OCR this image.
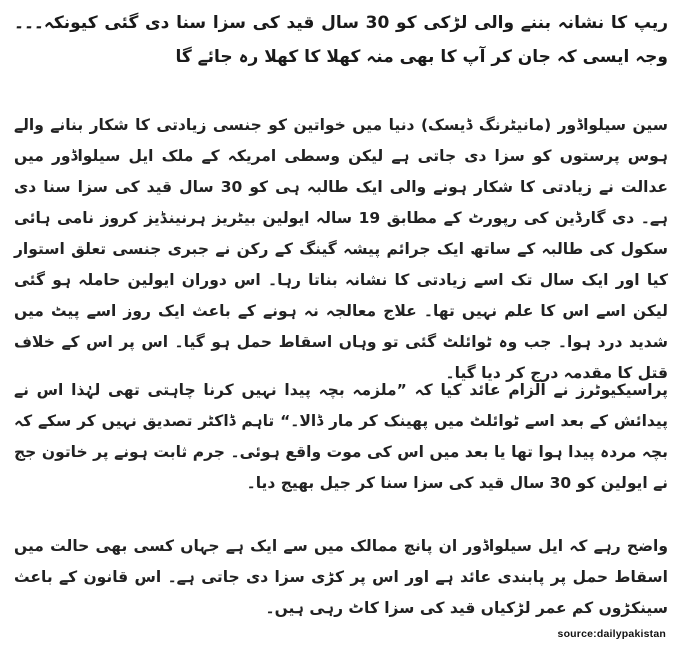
ریپ کا نشانہ بننے والی لڑکی کو 30 سال قید کی سزا سنا دی گئی کیونکہ۔۔۔ وجہ ایسی کہ جان کر آپ کا بھی منہ کھلا کا کھلا رہ جائے گا
سین سیلواڈور (مانیٹرنگ ڈیسک) دنیا میں خواتین کو جنسی زیادتی کا شکار بنانے والے ہوس پرستوں کو سزا دی جاتی ہے لیکن وسطی امریکہ کے ملک ایل سیلواڈور میں عدالت نے زیادتی کا شکار ہونے والی ایک طالبہ ہی کو 30 سال قید کی سزا سنا دی ہے۔ دی گارڈین کی رپورٹ کے مطابق 19 سالہ ایولین بیٹریز ہرنینڈیز کروز نامی ہائی سکول کی طالبہ کے ساتھ ایک جرائم پیشہ گینگ کے رکن نے جبری جنسی تعلق استوار کیا اور ایک سال تک اسے زیادتی کا نشانہ بناتا رہا۔ اس دوران ایولین حاملہ ہو گئی لیکن اسے اس کا علم نہیں تھا۔ علاج معالجہ نہ ہونے کے باعث ایک روز اسے پیٹ میں شدید درد ہوا۔ جب وہ ٹوائلٹ گئی تو وہاں اسقاط حمل ہو گیا۔ اس پر اس کے خلاف قتل کا مقدمہ درج کر دیا گیا۔
پراسیکیوٹرز نے الزام عائد کیا کہ ”ملزمہ بچہ پیدا نہیں کرنا چاہتی تھی لہٰذا اس نے پیدائش کے بعد اسے ٹوائلٹ میں پھینک کر مار ڈالا۔“ تاہم ڈاکٹر تصدیق نہیں کر سکے کہ بچہ مردہ پیدا ہوا تھا یا بعد میں اس کی موت واقع ہوئی۔ جرم ثابت ہونے پر خاتون جج نے ایولین کو 30 سال قید کی سزا سنا کر جیل بھیج دیا۔
واضح رہے کہ ایل سیلواڈور ان پانچ ممالک میں سے ایک ہے جہاں کسی بھی حالت میں اسقاط حمل پر پابندی عائد ہے اور اس پر کڑی سزا دی جاتی ہے۔ اس قانون کے باعث سینکڑوں کم عمر لڑکیاں قید کی سزا کاٹ رہی ہیں۔
source:dailypakistan
